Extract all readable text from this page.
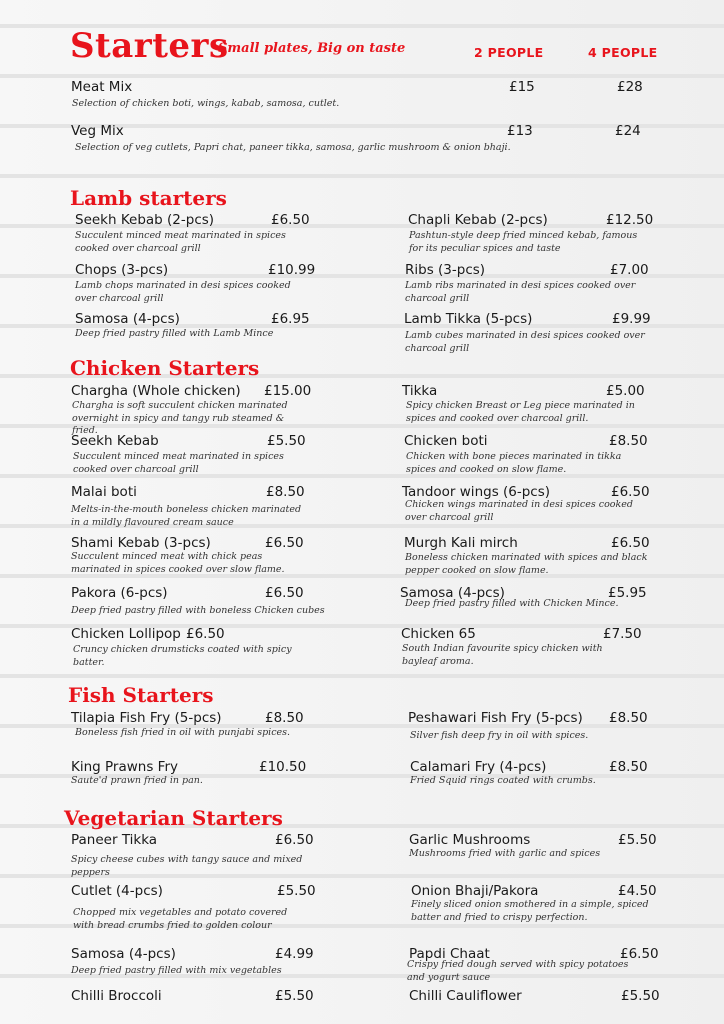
Starters
Small plates, Big on taste	2 PEOPLE	4 PEOPLE
Meat Mix	£15	£28
Selection of chicken boti, wings, kabab, samosa, cutlet.
Veg Mix	£13	£24
Selection of veg cutlets, Papri chat, paneer tikka, samosa, garlic mushroom & onion bhaji.
Lamb starters
Chicken Starters
Fish Starters
Vegetarian Starters
Seekh Kebab (2-pcs)	£6.50
Succulent minced meat marinated in spices cooked over charcoal grill
Chapli Kebab (2-pcs)	£12.50
Pashtun-style deep fried minced kebab, famous for its peculiar spices and taste
Chops (3-pcs)	£10.99
Lamb chops marinated in desi spices cooked over charcoal grill
Ribs (3-pcs)	£7.00
Lamb ribs marinated in desi spices cooked over charcoal grill
Samosa (4-pcs)	£6.95
Deep fried pastry filled with Lamb Mince
Lamb Tikka (5-pcs)	£9.99
Lamb cubes marinated in desi spices cooked over charcoal grill
Chargha (Whole chicken) £15.00
Chargha is soft succulent chicken marinated overnight in spicy and tangy rub steamed & fried.
Tikka	£5.00
Spicy chicken Breast or Leg piece marinated in spices and cooked over charcoal grill.
Seekh Kebab	£5.50
Succulent minced meat marinated in spices cooked over charcoal grill
Chicken boti	£8.50
Chicken with bone pieces marinated in tikka spices and cooked on slow flame.
Malai boti	£8.50
Melts-in-the-mouth boneless chicken marinated in a mildly flavoured cream sauce
Tandoor wings (6-pcs)	£6.50
Chicken wings marinated in desi spices cooked over charcoal grill
Shami Kebab (3-pcs)	£6.50
Succulent minced meat with chick peas marinated in spices cooked over slow flame.
Murgh Kali mirch	£6.50
Boneless chicken marinated with spices and black pepper cooked on slow flame.
Pakora (6-pcs)	£6.50
Deep fried pastry filled with boneless Chicken cubes
Samosa (4-pcs)	£5.95
Deep fried pastry filled with Chicken Mince.
Chicken Lollipop £6.50
Cruncy chicken drumsticks coated with spicy batter.
Chicken 65	£7.50
South Indian favourite spicy chicken with bayleaf aroma.
Tilapia Fish Fry (5-pcs)	£8.50
Boneless fish fried in oil with punjabi spices.
Peshawari Fish Fry (5-pcs) £8.50
Silver fish deep fry in oil with spices.
King Prawns Fry	£10.50
Saute'd prawn fried in pan.
Calamari Fry (4-pcs)	£8.50
Fried Squid rings coated with crumbs.
Paneer Tikka	£6.50
Spicy cheese cubes with tangy sauce and mixed peppers
Garlic Mushrooms	£5.50
Mushrooms fried with garlic and spices
Cutlet (4-pcs)	£5.50
Chopped mix vegetables and potato covered with bread crumbs fried to golden colour
Onion Bhaji/Pakora	£4.50
Finely sliced onion smothered in a simple, spiced batter and fried to crispy perfection.
Samosa (4-pcs)	£4.99
Deep fried pastry filled with mix vegetables
Papdi Chaat	£6.50
Crispy fried dough served with spicy potatoes and yogurt sauce
Chilli Broccoli	£5.50	Chilli Cauliflower	£5.50
